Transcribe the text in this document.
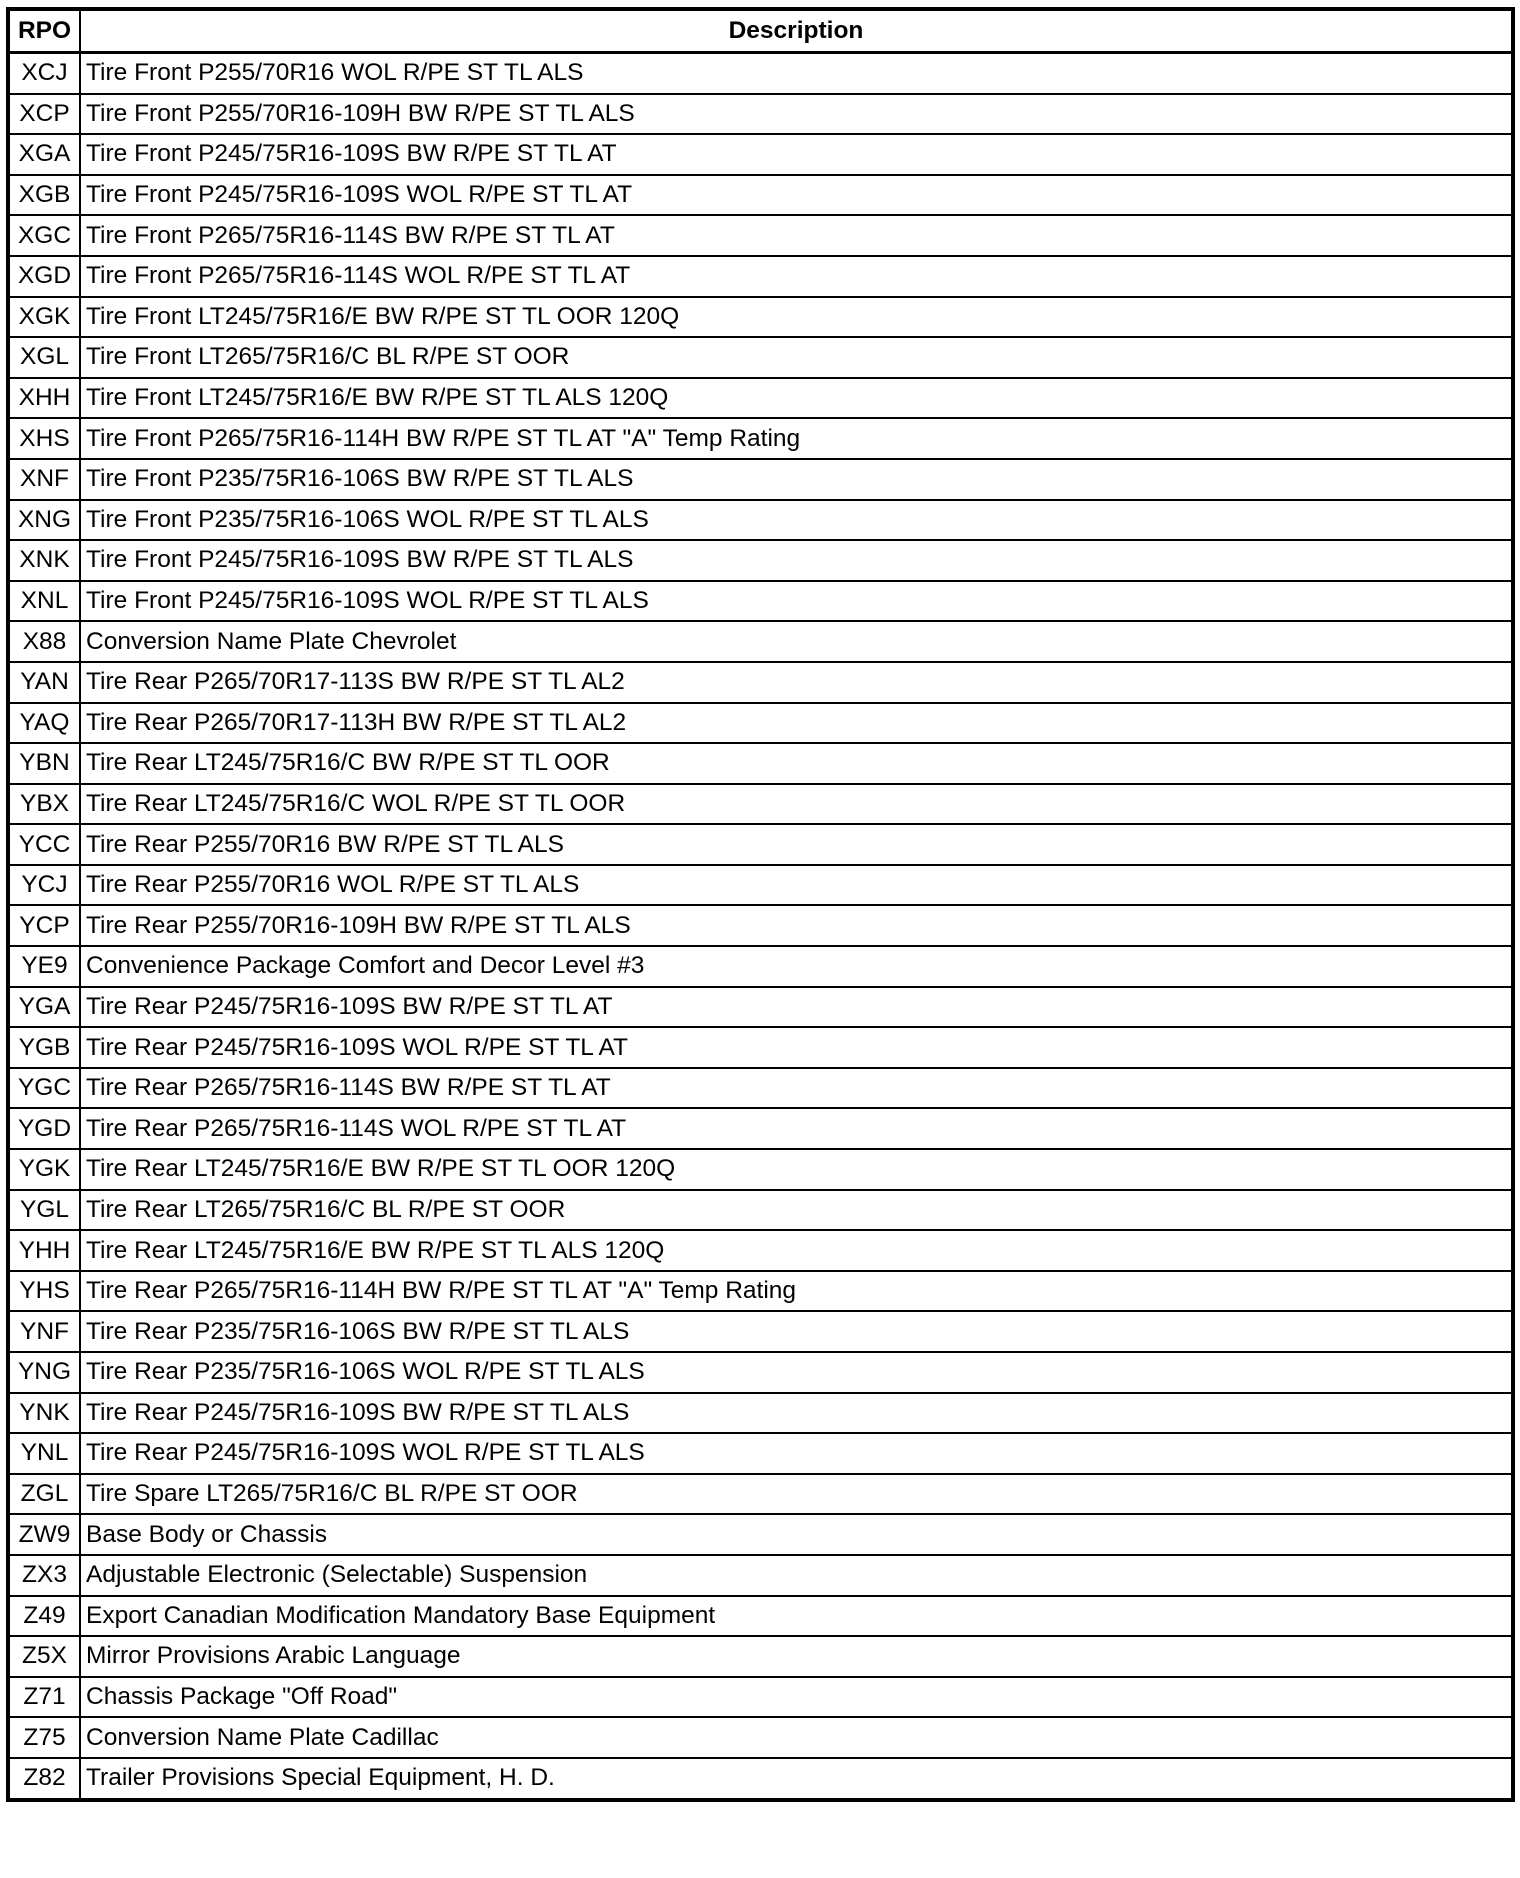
RPO	Description
XCJ	Tire Front P255/70R16 WOL R/PE ST TL ALS
XCP	Tire Front P255/70R16-109H BW R/PE ST TL ALS
XGA	Tire Front P245/75R16-109S BW R/PE ST TL AT
XGB	Tire Front P245/75R16-109S WOL R/PE ST TL AT
XGC	Tire Front P265/75R16-114S BW R/PE ST TL AT
XGD	Tire Front P265/75R16-114S WOL R/PE ST TL AT
XGK	Tire Front LT245/75R16/E BW R/PE ST TL OOR 120Q
XGL	Tire Front LT265/75R16/C BL R/PE ST OOR
XHH	Tire Front LT245/75R16/E BW R/PE ST TL ALS 120Q
XHS	Tire Front P265/75R16-114H BW R/PE ST TL AT "A" Temp Rating
XNF	Tire Front P235/75R16-106S BW R/PE ST TL ALS
XNG	Tire Front P235/75R16-106S WOL R/PE ST TL ALS
XNK	Tire Front P245/75R16-109S BW R/PE ST TL ALS
XNL	Tire Front P245/75R16-109S WOL R/PE ST TL ALS
X88	Conversion Name Plate Chevrolet
YAN	Tire Rear P265/70R17-113S BW R/PE ST TL AL2
YAQ	Tire Rear P265/70R17-113H BW R/PE ST TL AL2
YBN	Tire Rear LT245/75R16/C BW R/PE ST TL OOR
YBX	Tire Rear LT245/75R16/C WOL R/PE ST TL OOR
YCC	Tire Rear P255/70R16 BW R/PE ST TL ALS
YCJ	Tire Rear P255/70R16 WOL R/PE ST TL ALS
YCP	Tire Rear P255/70R16-109H BW R/PE ST TL ALS
YE9	Convenience Package Comfort and Decor Level #3
YGA	Tire Rear P245/75R16-109S BW R/PE ST TL AT
YGB	Tire Rear P245/75R16-109S WOL R/PE ST TL AT
YGC	Tire Rear P265/75R16-114S BW R/PE ST TL AT
YGD	Tire Rear P265/75R16-114S WOL R/PE ST TL AT
YGK	Tire Rear LT245/75R16/E BW R/PE ST TL OOR 120Q
YGL	Tire Rear LT265/75R16/C BL R/PE ST OOR
YHH	Tire Rear LT245/75R16/E BW R/PE ST TL ALS 120Q
YHS	Tire Rear P265/75R16-114H BW R/PE ST TL AT "A" Temp Rating
YNF	Tire Rear P235/75R16-106S BW R/PE ST TL ALS
YNG	Tire Rear P235/75R16-106S WOL R/PE ST TL ALS
YNK	Tire Rear P245/75R16-109S BW R/PE ST TL ALS
YNL	Tire Rear P245/75R16-109S WOL R/PE ST TL ALS
ZGL	Tire Spare LT265/75R16/C BL R/PE ST OOR
ZW9	Base Body or Chassis
ZX3	Adjustable Electronic (Selectable) Suspension
Z49	Export Canadian Modification Mandatory Base Equipment
Z5X	Mirror Provisions Arabic Language
Z71	Chassis Package "Off Road"
Z75	Conversion Name Plate Cadillac
Z82	Trailer Provisions Special Equipment, H. D.
